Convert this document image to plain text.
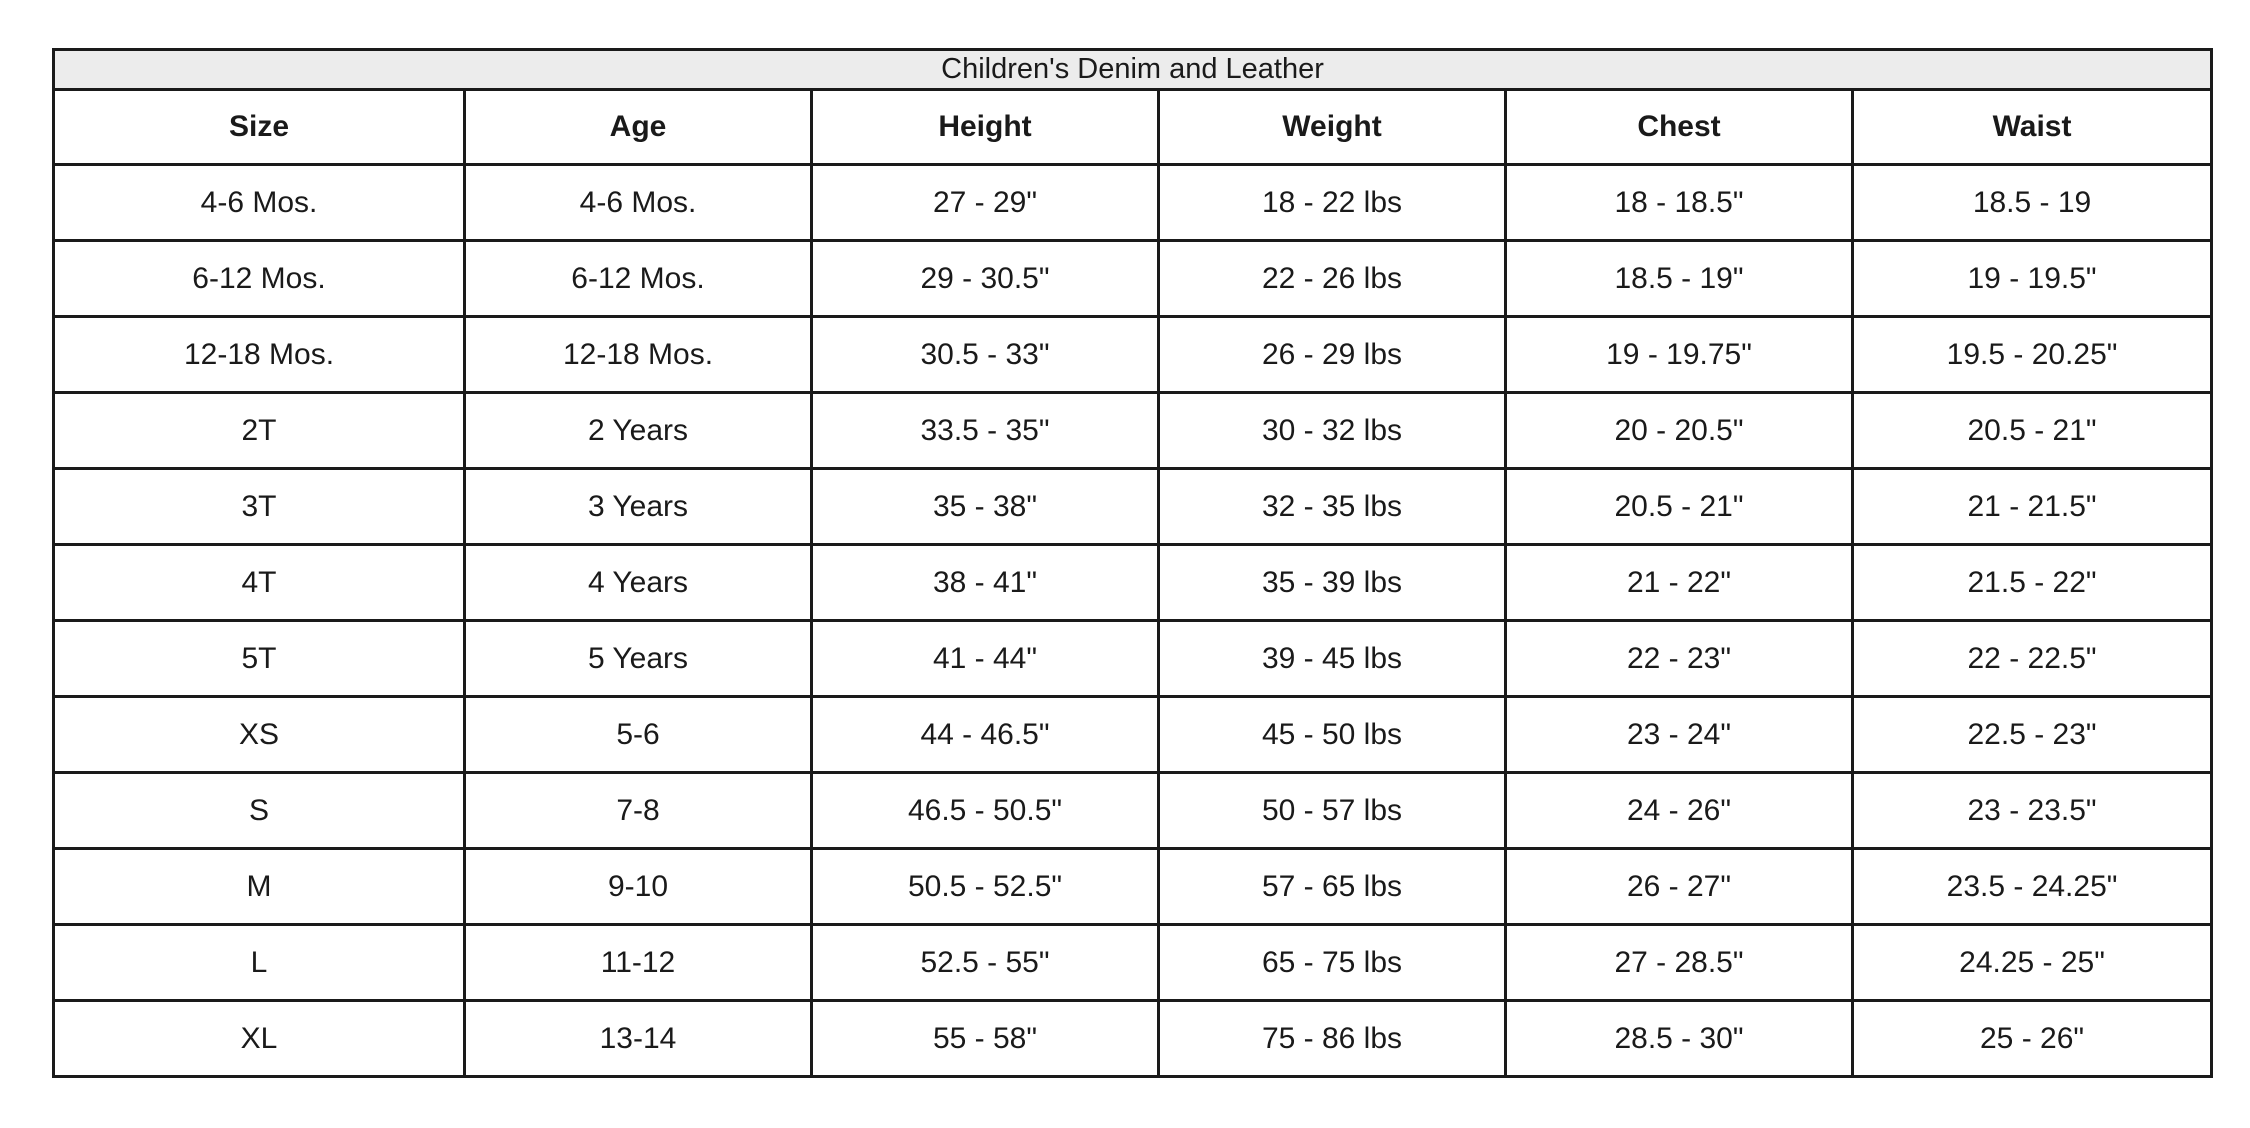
Children's Denim and Leather					
Size	Age	Height	Weight	Chest	Waist
4-6 Mos.	4-6 Mos.	27 - 29"	18 - 22 lbs	18 - 18.5"	18.5 - 19
6-12 Mos.	6-12 Mos.	29 - 30.5"	22 - 26 lbs	18.5 - 19"	19 - 19.5"
12-18 Mos.	12-18 Mos.	30.5 - 33"	26 - 29 lbs	19 - 19.75"	19.5 - 20.25"
2T	2 Years	33.5 - 35"	30 - 32 lbs	20 - 20.5"	20.5 - 21"
3T	3 Years	35 - 38"	32 - 35 lbs	20.5 - 21"	21 - 21.5"
4T	4 Years	38 - 41"	35 - 39 lbs	21 - 22"	21.5 - 22"
5T	5 Years	41 - 44"	39 - 45 lbs	22 - 23"	22 - 22.5"
XS	5-6	44 - 46.5"	45 - 50 lbs	23 - 24"	22.5 - 23"
S	7-8	46.5 - 50.5"	50 - 57 lbs	24 - 26"	23 - 23.5"
M	9-10	50.5 - 52.5"	57 - 65 lbs	26 - 27"	23.5 - 24.25"
L	11-12	52.5 - 55"	65 - 75 lbs	27 - 28.5"	24.25 - 25"
XL	13-14	55 - 58"	75 - 86 lbs	28.5 - 30"	25 - 26"
